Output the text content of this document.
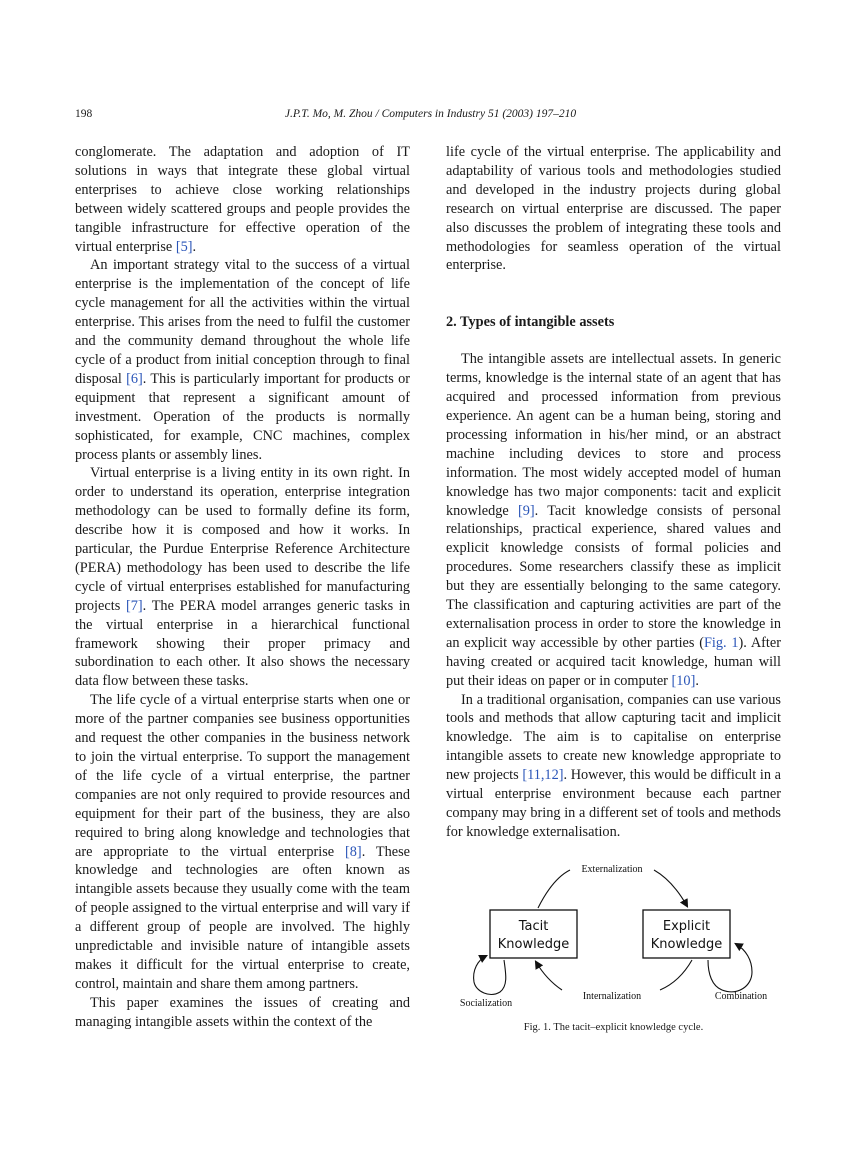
198	J.P.T. Mo, M. Zhou / Computers in Industry 51 (2003) 197–210

conglomerate. The adaptation and adoption of IT solutions in ways that integrate these global virtual enterprises to achieve close working relationships between widely scattered groups and people provides the tangible infrastructure for effective operation of the virtual enterprise [5].

An important strategy vital to the success of a virtual enterprise is the implementation of the concept of life cycle management for all the activities within the virtual enterprise. This arises from the need to fulfil the customer and the community demand throughout the whole life cycle of a product from initial conception through to final disposal [6]. This is particularly important for products or equipment that represent a significant amount of investment. Operation of the products is normally sophisticated, for example, CNC machines, complex process plants or assembly lines.

Virtual enterprise is a living entity in its own right. In order to understand its operation, enterprise integration methodology can be used to formally define its form, describe how it is composed and how it works. In particular, the Purdue Enterprise Reference Architecture (PERA) methodology has been used to describe the life cycle of virtual enterprises established for manufacturing projects [7]. The PERA model arranges generic tasks in the virtual enterprise in a hierarchical functional framework showing their proper primacy and subordination to each other. It also shows the necessary data flow between these tasks.

The life cycle of a virtual enterprise starts when one or more of the partner companies see business opportunities and request the other companies in the business network to join the virtual enterprise. To support the management of the life cycle of a virtual enterprise, the partner companies are not only required to provide resources and equipment for their part of the business, they are also required to bring along knowledge and technologies that are appropriate to the virtual enterprise [8]. These knowledge and technologies are often known as intangible assets because they usually come with the team of people assigned to the virtual enterprise and will vary if a different group of people are involved. The highly unpredictable and invisible nature of intangible assets makes it difficult for the virtual enterprise to create, control, maintain and share them among partners.

This paper examines the issues of creating and managing intangible assets within the context of the

life cycle of the virtual enterprise. The applicability and adaptability of various tools and methodologies studied and developed in the industry projects during global research on virtual enterprise are discussed. The paper also discusses the problem of integrating these tools and methodologies for seamless operation of the virtual enterprise.

2. Types of intangible assets

The intangible assets are intellectual assets. In generic terms, knowledge is the internal state of an agent that has acquired and processed information from previous experience. An agent can be a human being, storing and processing information in his/her mind, or an abstract machine including devices to store and process information. The most widely accepted model of human knowledge has two major components: tacit and explicit knowledge [9]. Tacit knowledge consists of personal relationships, practical experience, shared values and explicit knowledge consists of formal policies and procedures. Some researchers classify these as implicit but they are essentially belonging to the same category. The classification and capturing activities are part of the externalisation process in order to store the knowledge in an explicit way accessible by other parties (Fig. 1). After having created or acquired tacit knowledge, human will put their ideas on paper or in computer [10].

In a traditional organisation, companies can use various tools and methods that allow capturing tacit and implicit knowledge. The aim is to capitalise on enterprise intangible assets to create new knowledge appropriate to new projects [11,12]. However, this would be difficult in a virtual enterprise environment because each partner company may bring in a different set of tools and methods for knowledge externalisation.

Tacit
Knowledge
Explicit
Knowledge
Externalization
Internalization
Socialization
Combination
Fig. 1. The tacit–explicit knowledge cycle.
